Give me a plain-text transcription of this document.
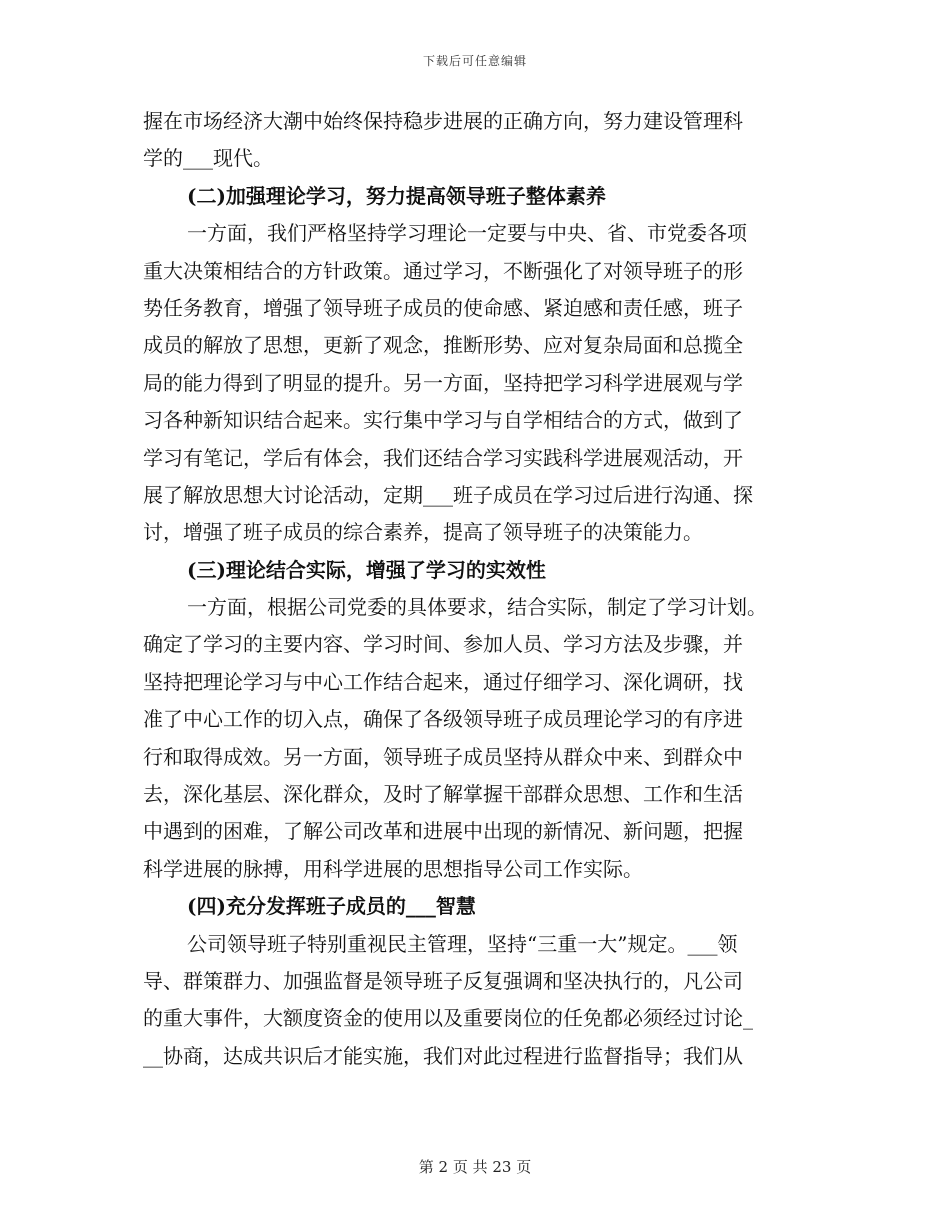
下载后可任意编辑
握在市场经济大潮中始终保持稳步进展的正确方向，努力建设管理科
学的___现代。
(二)加强理论学习，努力提高领导班子整体素养
一方面，我们严格坚持学习理论一定要与中央、省、市党委各项
重大决策相结合的方针政策。通过学习，不断强化了对领导班子的形
势任务教育，增强了领导班子成员的使命感、紧迫感和责任感，班子
成员的解放了思想，更新了观念，推断形势、应对复杂局面和总揽全
局的能力得到了明显的提升。另一方面，坚持把学习科学进展观与学
习各种新知识结合起来。实行集中学习与自学相结合的方式，做到了
学习有笔记，学后有体会，我们还结合学习实践科学进展观活动，开
展了解放思想大讨论活动，定期___班子成员在学习过后进行沟通、探
讨，增强了班子成员的综合素养，提高了领导班子的决策能力。
(三)理论结合实际，增强了学习的实效性
一方面，根据公司党委的具体要求，结合实际，制定了学习计划。
确定了学习的主要内容、学习时间、参加人员、学习方法及步骤，并
坚持把理论学习与中心工作结合起来，通过仔细学习、深化调研，找
准了中心工作的切入点，确保了各级领导班子成员理论学习的有序进
行和取得成效。另一方面，领导班子成员坚持从群众中来、到群众中
去，深化基层、深化群众，及时了解掌握干部群众思想、工作和生活
中遇到的困难，了解公司改革和进展中出现的新情况、新问题，把握
科学进展的脉搏，用科学进展的思想指导公司工作实际。
(四)充分发挥班子成员的___智慧
公司领导班子特别重视民主管理，坚持“三重一大”规定。___领
导、群策群力、加强监督是领导班子反复强调和坚决执行的，凡公司
的重大事件，大额度资金的使用以及重要岗位的任免都必须经过讨论_
__协商，达成共识后才能实施，我们对此过程进行监督指导；我们从
第 2 页 共 23 页
